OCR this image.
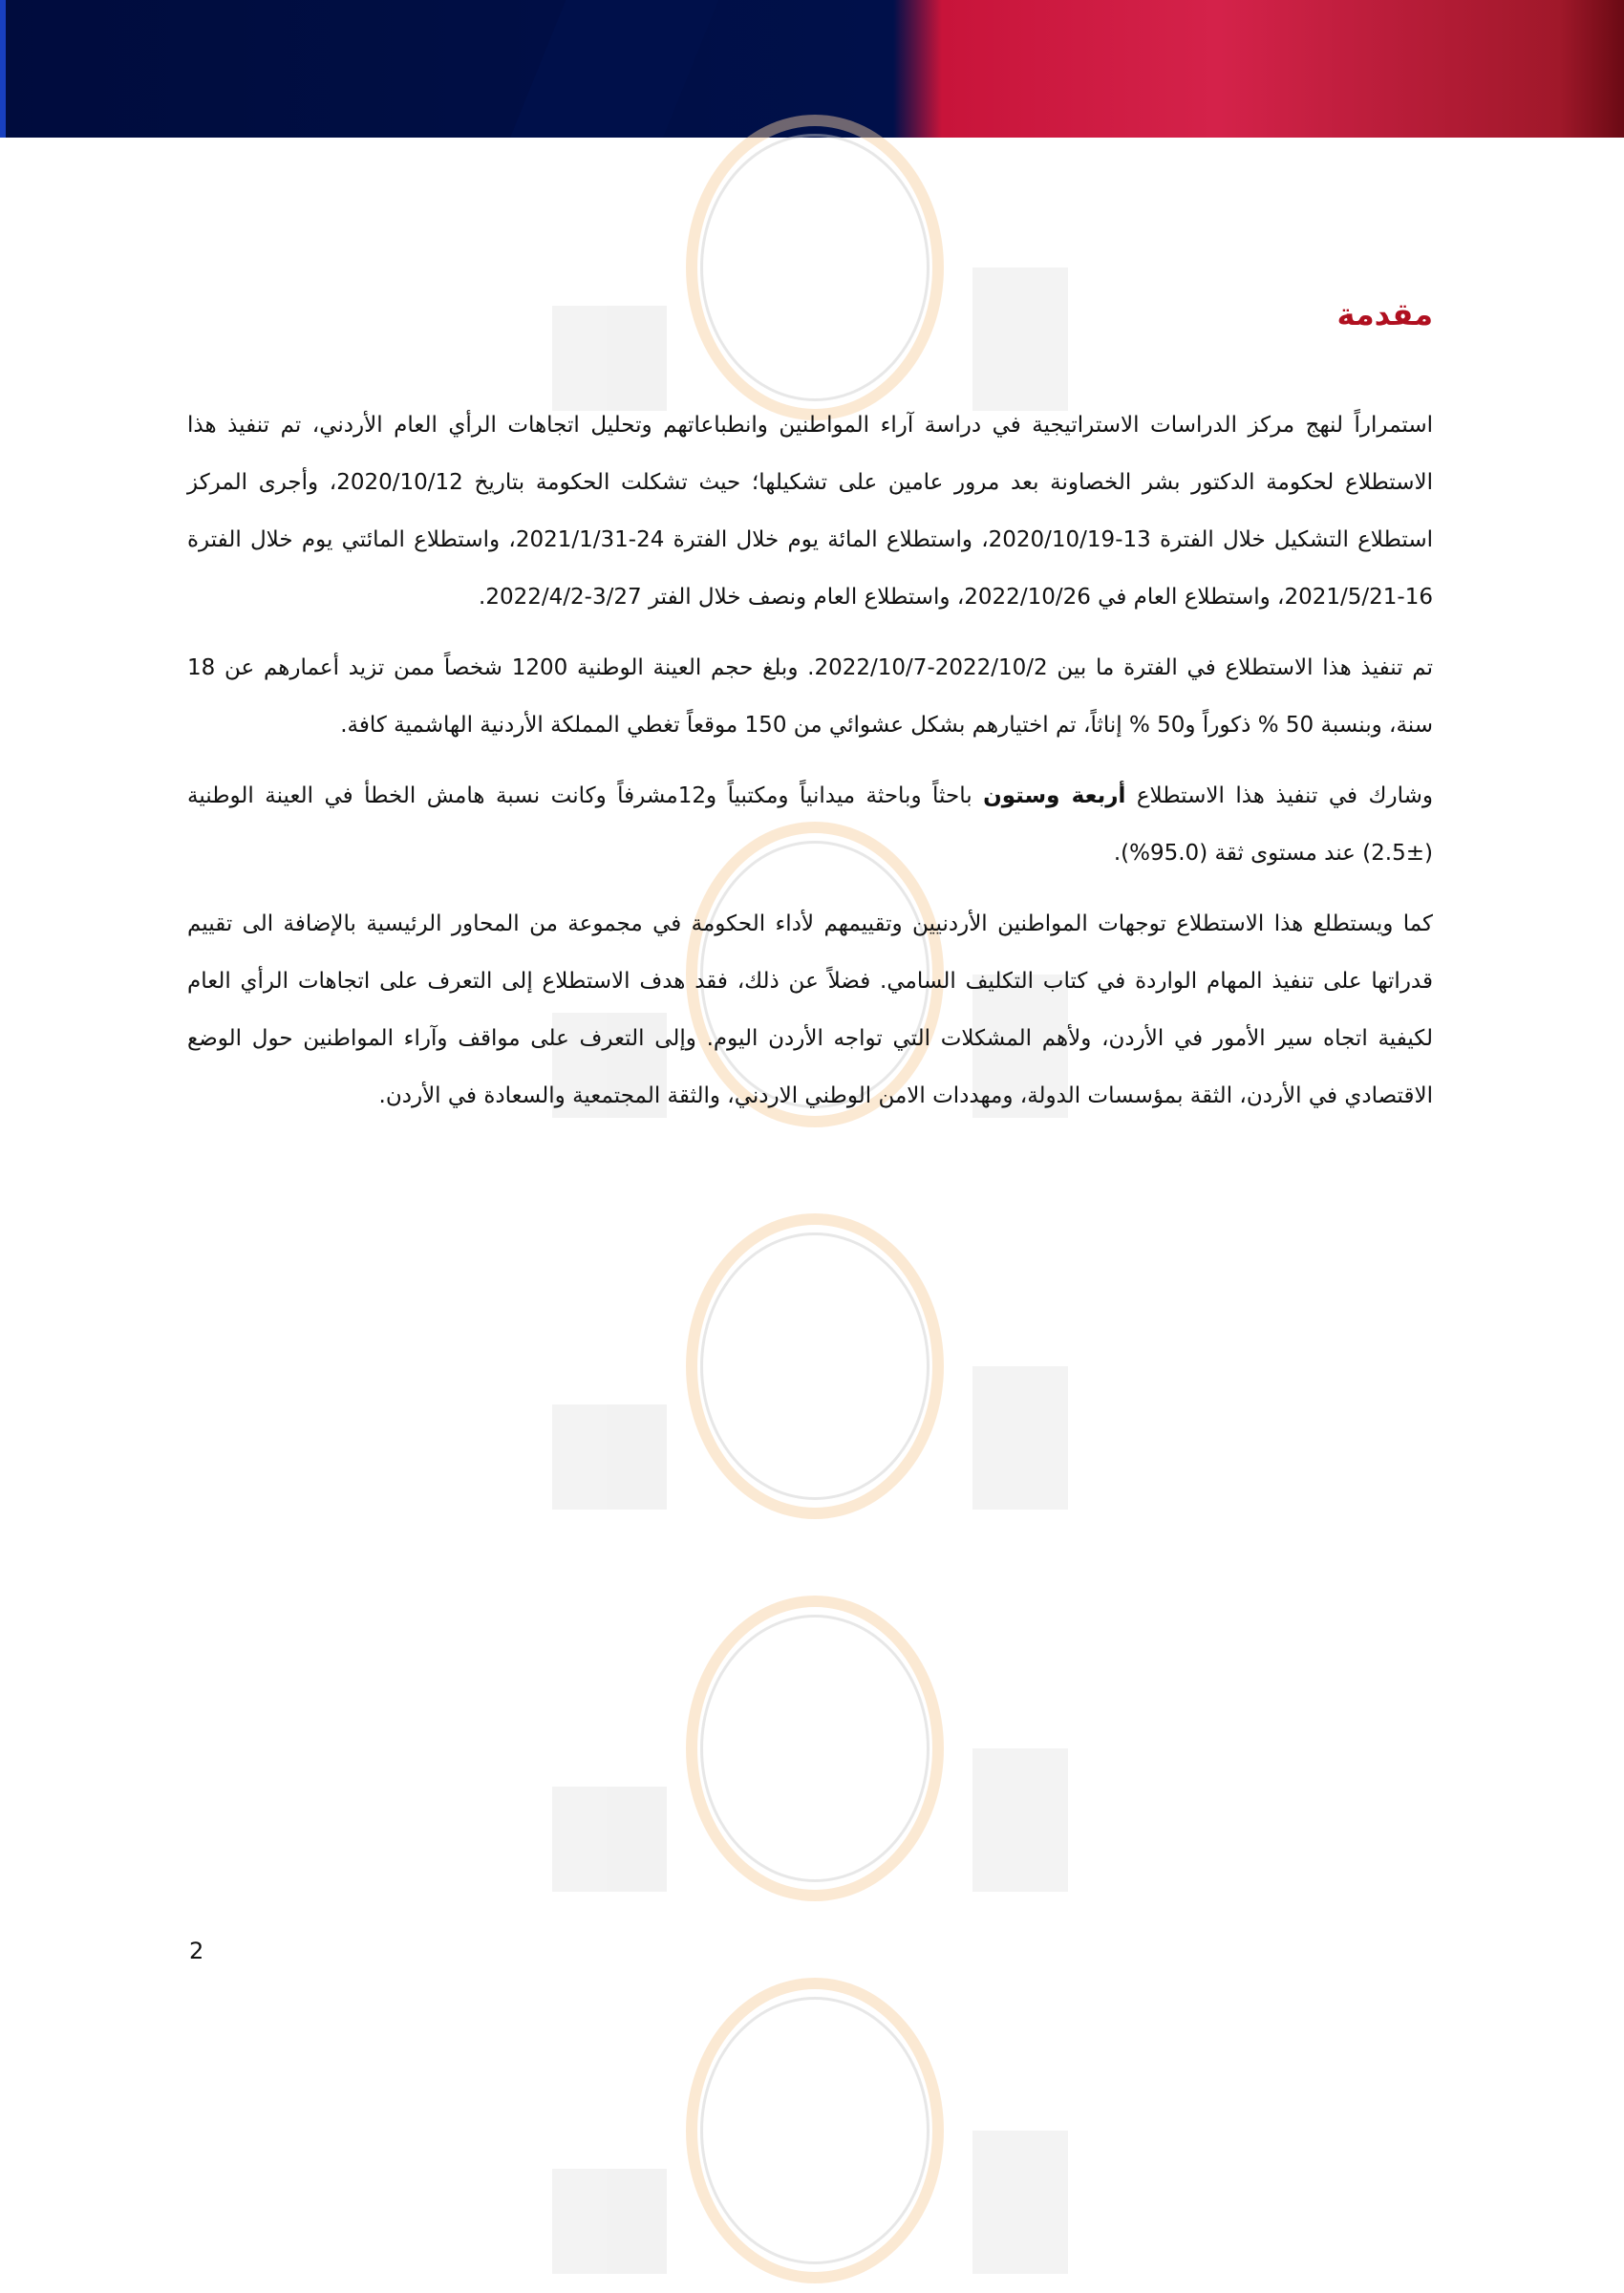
مقدمة

استمراراً لنهج مركز الدراسات الاستراتيجية في دراسة آراء المواطنين وانطباعاتهم وتحليل اتجاهات الرأي العام الأردني، تم تنفيذ هذا الاستطلاع لحكومة الدكتور بشر الخصاونة بعد مرور عامين على تشكيلها؛ حيث تشكلت الحكومة بتاريخ 2020/10/12، وأجرى المركز استطلاع التشكيل خلال الفترة 13-2020/10/19، واستطلاع المائة يوم خلال الفترة 24-2021/1/31، واستطلاع المائتي يوم خلال الفترة 16-2021/5/21، واستطلاع العام في 2022/10/26، واستطلاع العام ونصف خلال الفتر 3/27-2022/4/2.

تم تنفيذ هذا الاستطلاع في الفترة ما بين 2022/10/2-2022/10/7. وبلغ حجم العينة الوطنية 1200 شخصاً ممن تزيد أعمارهم عن 18 سنة، وبنسبة 50 % ذكوراً و50 % إناثاً، تم اختيارهم بشكل عشوائي من 150 موقعاً تغطي المملكة الأردنية الهاشمية كافة.

وشارك في تنفيذ هذا الاستطلاع أربعة وستون باحثاً وباحثة ميدانياً ومكتبياً و12مشرفاً وكانت نسبة هامش الخطأ في العينة الوطنية (±2.5) عند مستوى ثقة (95.0%).

كما ويستطلع هذا الاستطلاع توجهات المواطنين الأردنيين وتقييمهم لأداء الحكومة في مجموعة من المحاور الرئيسية بالإضافة الى تقييم قدراتها على تنفيذ المهام الواردة في كتاب التكليف السامي. فضلاً عن ذلك، فقد هدف الاستطلاع إلى التعرف على اتجاهات الرأي العام لكيفية اتجاه سير الأمور في الأردن، ولأهم المشكلات التي تواجه الأردن اليوم. وإلى التعرف على مواقف وآراء المواطنين حول الوضع الاقتصادي في الأردن، الثقة بمؤسسات الدولة، ومهددات الامن الوطني الاردني، والثقة المجتمعية والسعادة في الأردن.

2
